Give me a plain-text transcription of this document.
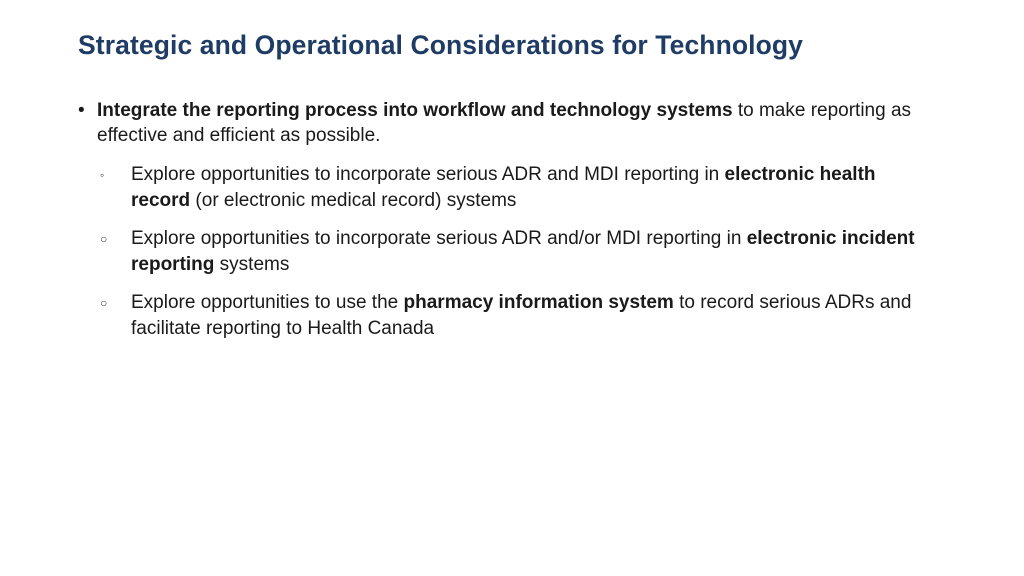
Strategic and Operational Considerations for Technology
• Integrate the reporting process into workflow and technology systems to make reporting as effective and efficient as possible.
◦ Explore opportunities to incorporate serious ADR and MDI reporting in electronic health record (or electronic medical record) systems
○ Explore opportunities to incorporate serious ADR and/or MDI reporting in electronic incident reporting systems
○ Explore opportunities to use the pharmacy information system to record serious ADRs and facilitate reporting to Health Canada
